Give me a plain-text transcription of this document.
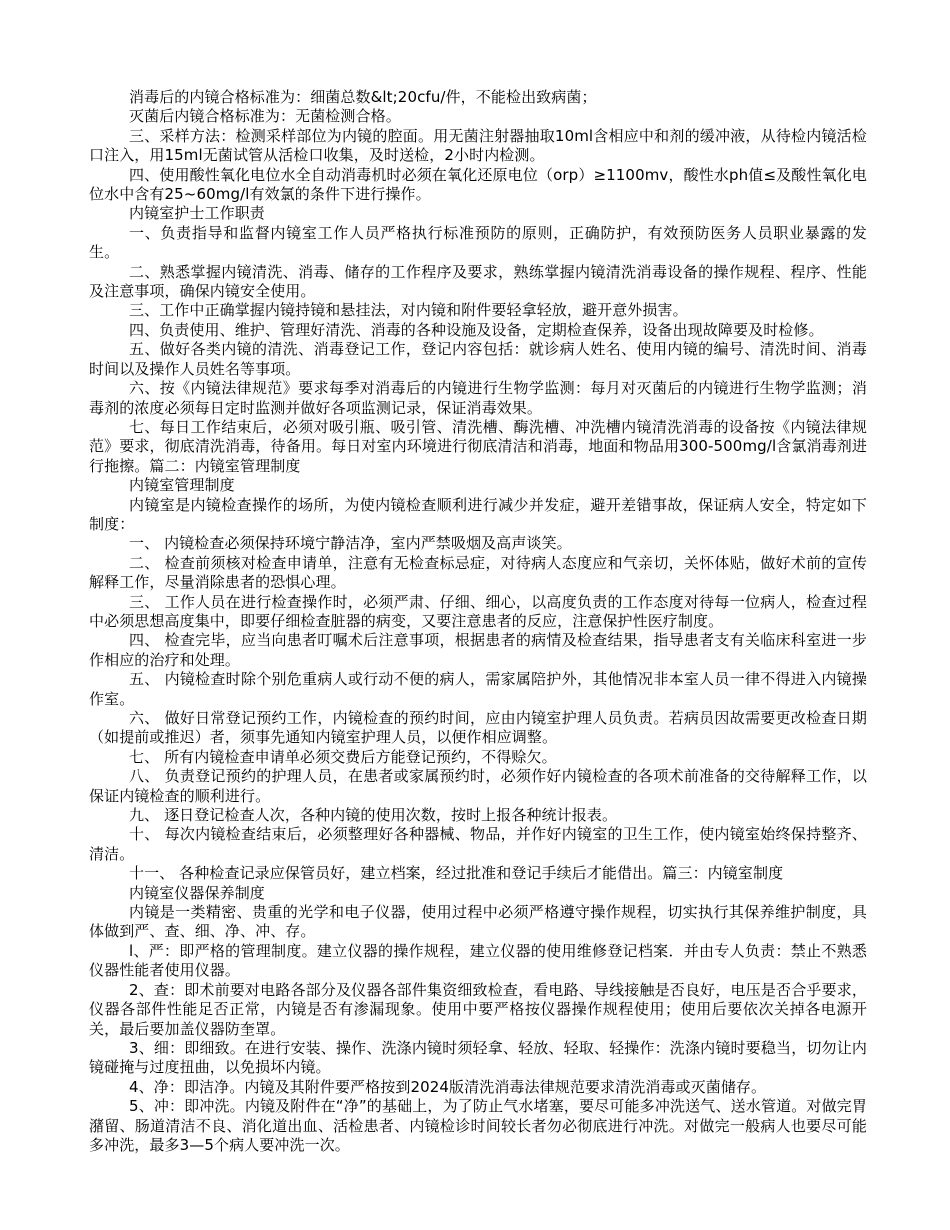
消毒后的内镜合格标准为：细菌总数&lt;20cfu/件，不能检出致病菌；

灭菌后内镜合格标准为：无菌检测合格。

三、采样方法：检测采样部位为内镜的腔面。用无菌注射器抽取10ml含相应中和剂的缓冲液，从待检内镜活检口注入，用15ml无菌试管从活检口收集，及时送检，2小时内检测。

四、使用酸性氧化电位水全自动消毒机时必须在氧化还原电位（orp）≥1100mv，酸性水ph值≤及酸性氧化电位水中含有25~60mg/l有效氯的条件下进行操作。

内镜室护士工作职责

一、负责指导和监督内镜室工作人员严格执行标准预防的原则，正确防护，有效预防医务人员职业暴露的发生。

二、熟悉掌握内镜清洗、消毒、储存的工作程序及要求，熟练掌握内镜清洗消毒设备的操作规程、程序、性能及注意事项，确保内镜安全使用。

三、工作中正确掌握内镜持镜和悬挂法，对内镜和附件要轻拿轻放，避开意外损害。

四、负责使用、维护、管理好清洗、消毒的各种设施及设备，定期检查保养，设备出现故障要及时检修。

五、做好各类内镜的清洗、消毒登记工作，登记内容包括：就诊病人姓名、使用内镜的编号、清洗时间、消毒时间以及操作人员姓名等事项。

六、按《内镜法律规范》要求每季对消毒后的内镜进行生物学监测：每月对灭菌后的内镜进行生物学监测；消毒剂的浓度必须每日定时监测并做好各项监测记录，保证消毒效果。

七、每日工作结束后，必须对吸引瓶、吸引管、清洗槽、酶洗槽、冲洗槽内镜清洗消毒的设备按《内镜法律规范》要求，彻底清洗消毒，待备用。每日对室内环境进行彻底清洁和消毒，地面和物品用300-500mg/l含氯消毒剂进行拖擦。篇二：内镜室管理制度

内镜室管理制度

内镜室是内镜检查操作的场所，为使内镜检查顺利进行减少并发症，避开差错事故，保证病人安全，特定如下制度：

一、 内镜检查必须保持环境宁静洁净，室内严禁吸烟及高声谈笑。

二、 检查前须核对检查申请单，注意有无检查标忌症，对待病人态度应和气亲切，关怀体贴，做好术前的宣传解释工作，尽量消除患者的恐惧心理。

三、 工作人员在进行检查操作时，必须严肃、仔细、细心，以高度负责的工作态度对待每一位病人，检查过程中必须思想高度集中，即要仔细检查脏器的病变，又要注意患者的反应，注意保护性医疗制度。

四、 检查完毕，应当向患者叮嘱术后注意事项，根据患者的病情及检查结果，指导患者支有关临床科室进一步作相应的治疗和处理。

五、 内镜检查时除个别危重病人或行动不便的病人，需家属陪护外，其他情况非本室人员一律不得进入内镜操作室。

六、 做好日常登记预约工作，内镜检查的预约时间，应由内镜室护理人员负责。若病员因故需要更改检查日期（如提前或推迟）者，须事先通知内镜室护理人员，以便作相应调整。

七、 所有内镜检查申请单必须交费后方能登记预约，不得赊欠。

八、 负责登记预约的护理人员，在患者或家属预约时，必须作好内镜检查的各项术前准备的交待解释工作，以保证内镜检查的顺利进行。

九、 逐日登记检查人次，各种内镜的使用次数，按时上报各种统计报表。

十、 每次内镜检查结束后，必须整理好各种器械、物品，并作好内镜室的卫生工作，使内镜室始终保持整齐、清洁。

十一、 各种检查记录应保管员好，建立档案，经过批准和登记手续后才能借出。篇三：内镜室制度

内镜室仪器保养制度

内镜是一类精密、贵重的光学和电子仪器，使用过程中必须严格遵守操作规程，切实执行其保养维护制度，具体做到严、查、细、净、冲、存。

l、严：即严格的管理制度。建立仪器的操作规程，建立仪器的使用维修登记档案．并由专人负责：禁止不熟悉仪器性能者使用仪器。

2、查：即术前要对电路各部分及仪器各部件集资细致检查，看电路、导线接触是否良好，电压是否合乎要求，仪器各部件性能足否正常，内镜是否有渗漏现象。使用中要严格按仪器操作规程使用；使用后要依次关掉各电源开关，最后要加盖仪器防奎罩。

3、细：即细致。在进行安装、操作、洗涤内镜时须轻拿、轻放、轻取、轻操作：洗涤内镜时要稳当，切勿让内镜碰掩与过度扭曲，以免损坏内镜。

4、净：即洁净。内镜及其附件要严格按到2024版清洗消毒法律规范要求清洗消毒或灭菌储存。

5、冲：即冲洗。内镜及附件在“净”的基础上，为了防止气水堵塞，要尽可能多冲洗送气、送水管道。对做完胃潴留、肠道清洁不良、消化道出血、活检患者、内镜检诊时间较长者勿必彻底进行冲洗。对做完一般病人也要尽可能多冲洗，最多3—5个病人要冲洗一次。
